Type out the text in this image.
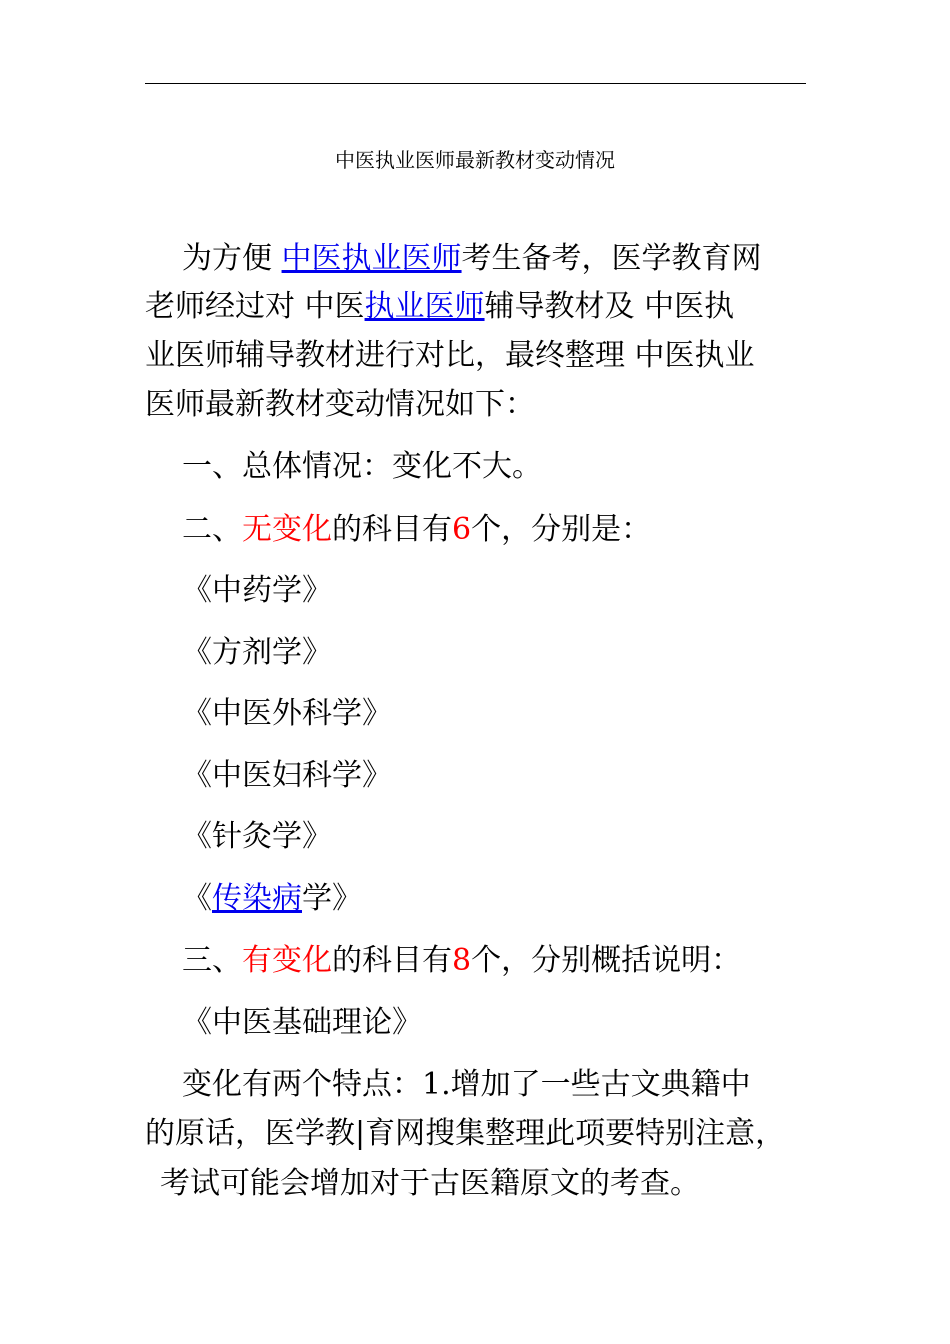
中医执业医师最新教材变动情况
为方便 中医执业医师考生备考，医学教育网
老师经过对 中医执业医师辅导教材及 中医执
业医师辅导教材进行对比，最终整理 中医执业
医师最新教材变动情况如下：
一、总体情况：变化不大。
二、无变化的科目有6个，分别是：
《中药学》
《方剂学》
《中医外科学》
《中医妇科学》
《针灸学》
《传染病学》
三、有变化的科目有8个，分别概括说明：
《中医基础理论》
变化有两个特点：1.增加了一些古文典籍中
的原话，医学教|育网搜集整理此项要特别注意，
考试可能会增加对于古医籍原文的考查。
